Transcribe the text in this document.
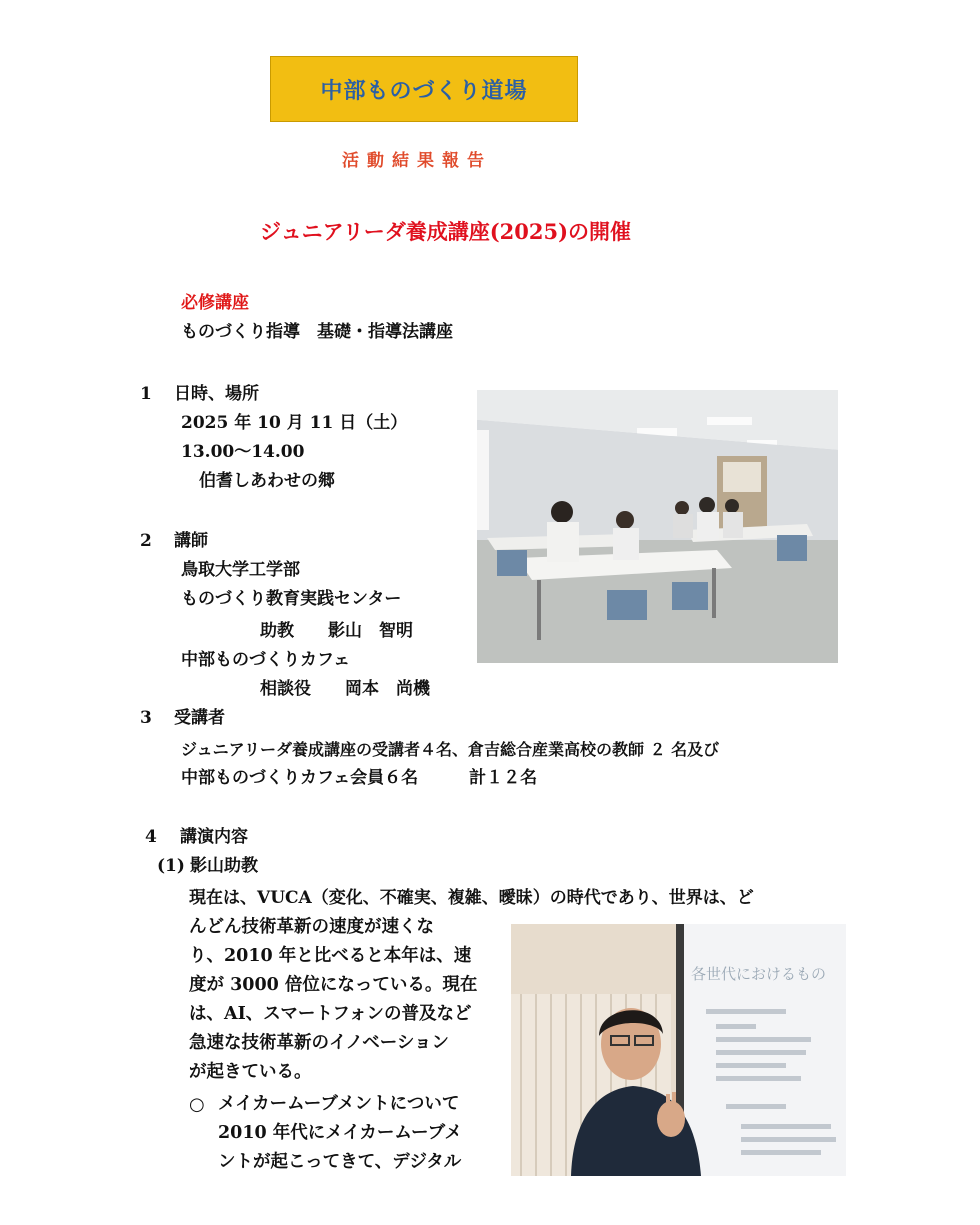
中部ものづくり道場
活動結果報告
ジュニアリーダ養成講座(2025)の開催
必修講座
ものづくり指導　基礎・指導法講座
1 日時、場所
2025 年 10 月 11 日（土）
13.00～14.00
伯耆しあわせの郷
2 講師
鳥取大学工学部
ものづくり教育実践センター
助教　　影山　智明
中部ものづくりカフェ
相談役　　岡本　尚機
3 受講者
ジュニアリーダ養成講座の受講者４名、倉吉総合産業高校の教師 ２ 名及び
中部ものづくりカフェ会員６名　　　計１２名
4 講演内容
(1) 影山助教
現在は、VUCA（変化、不確実、複雑、曖昧）の時代であり、世界は、ど
んどん技術革新の速度が速くな
り、2010 年と比べると本年は、速
度が 3000 倍位になっている。現在
は、AI、スマートフォンの普及など
急速な技術革新のイノベーション
が起きている。
○ メイカームーブメントについて
2010 年代にメイカームーブメ
ントが起こってきて、デジタル
各世代におけるもの
